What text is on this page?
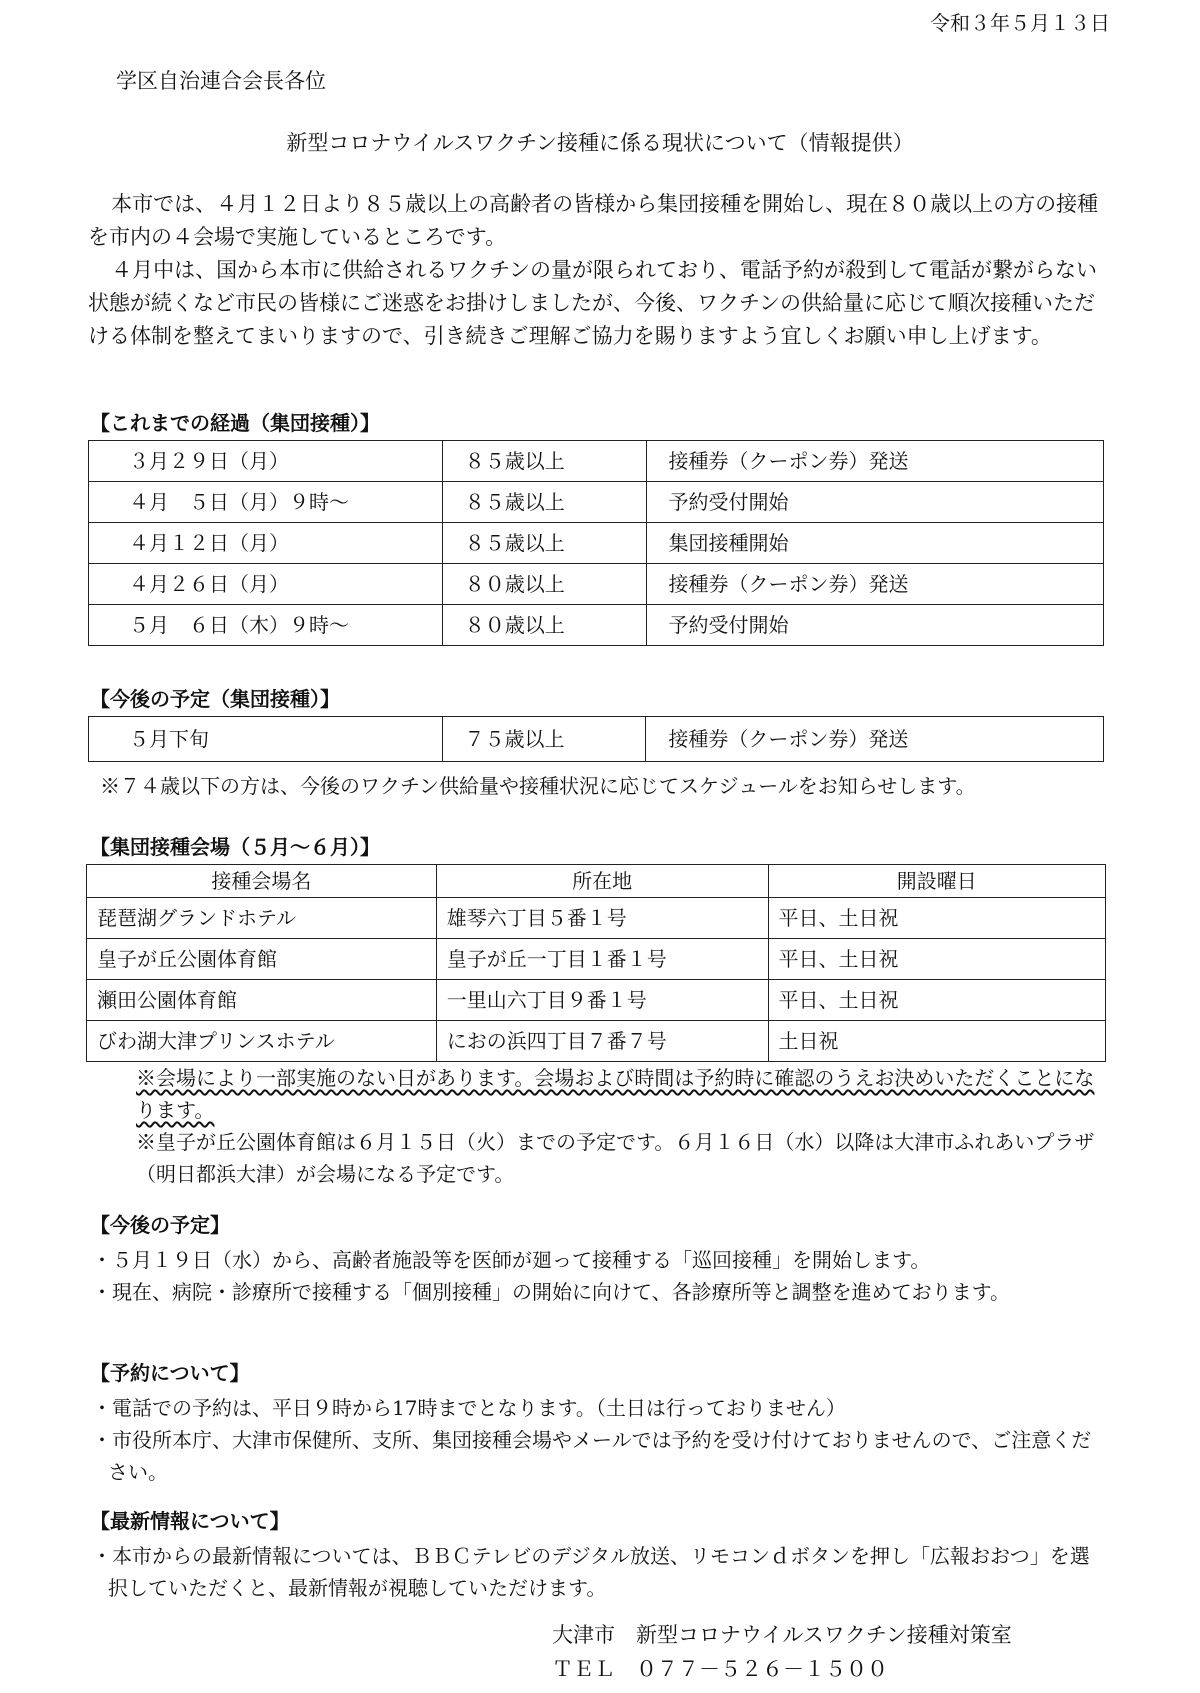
令和３年５月１３日
学区自治連合会長各位
新型コロナウイルスワクチン接種に係る現状について（情報提供）

本市では、４月１２日より８５歳以上の高齢者の皆様から集団接種を開始し、現在８０歳以上の方の接種を市内の４会場で実施しているところです。

４月中は、国から本市に供給されるワクチンの量が限られており、電話予約が殺到して電話が繋がらない状態が続くなど市民の皆様にご迷惑をお掛けしましたが、今後、ワクチンの供給量に応じて順次接種いただける体制を整えてまいりますので、引き続きご理解ご協力を賜りますよう宜しくお願い申し上げます。

【これまでの経過（集団接種）】
３月２９日（月）	８５歳以上	接種券（クーポン券）発送
４月　５日（月）９時～	８５歳以上	予約受付開始
４月１２日（月）	８５歳以上	集団接種開始
４月２６日（月）	８０歳以上	接種券（クーポン券）発送
５月　６日（木）９時～	８０歳以上	予約受付開始
【今後の予定（集団接種）】
５月下旬	７５歳以上	接種券（クーポン券）発送
※７４歳以下の方は、今後のワクチン供給量や接種状況に応じてスケジュールをお知らせします。
【集団接種会場（５月～６月）】
接種会場名	所在地	開設曜日
琵琶湖グランドホテル	雄琴六丁目５番１号	平日、土日祝
皇子が丘公園体育館	皇子が丘一丁目１番１号	平日、土日祝
瀬田公園体育館	一里山六丁目９番１号	平日、土日祝
びわ湖大津プリンスホテル	におの浜四丁目７番７号	土日祝
※会場により一部実施のない日があります。会場および時間は予約時に確認のうえお決めいただくことになります。
※皇子が丘公園体育館は６月１５日（火）までの予定です。６月１６日（水）以降は大津市ふれあいプラザ（明日都浜大津）が会場になる予定です。
【今後の予定】
・ ５月１９日（水）から、高齢者施設等を医師が廻って接種する「巡回接種」を開始します。
・ 現在、病院・診療所で接種する「個別接種」の開始に向けて、各診療所等と調整を進めております。
【予約について】
・ 電話での予約は、平日９時から17時までとなります。（土日は行っておりません）
・ 市役所本庁、大津市保健所、支所、集団接種会場やメールでは予約を受け付けておりませんので、ご注意ください。
【最新情報について】
・ 本市からの最新情報については、ＢＢＣテレビのデジタル放送、リモコンｄボタンを押し「広報おおつ」を選択していただくと、最新情報が視聴していただけます。
大津市　新型コロナウイルスワクチン接種対策室
ＴＥＬ　０７７－５２６－１５００
